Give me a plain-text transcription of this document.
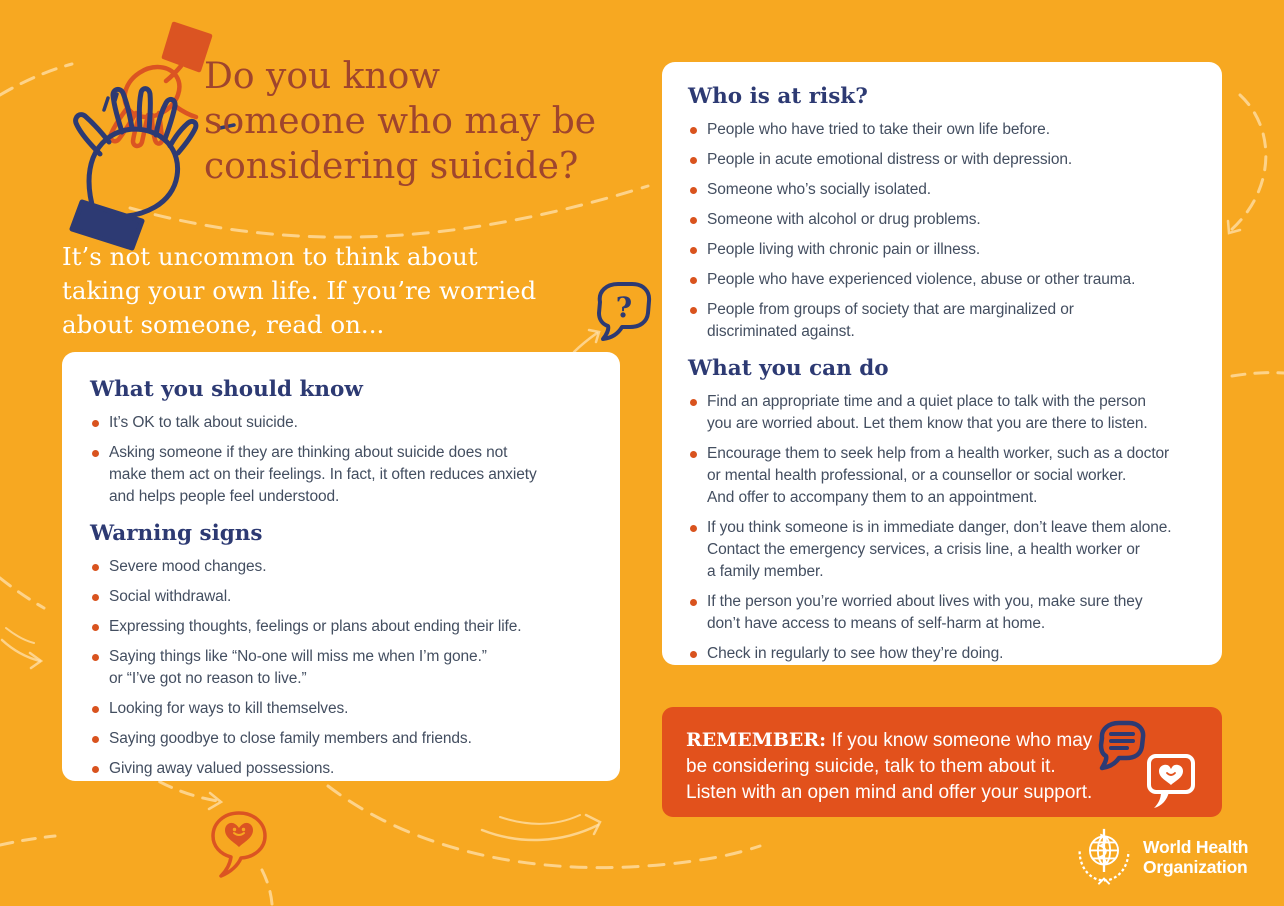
Do you know
someone who may be
considering suicide?

It’s not uncommon to think about
taking your own life. If you’re worried
about someone, read on...

?
What you should know
It’s OK to talk about suicide.
Asking someone if they are thinking about suicide does not
make them act on their feelings. In fact, it often reduces anxiety
and helps people feel understood.
Warning signs
Severe mood changes.
Social withdrawal.
Expressing thoughts, feelings or plans about ending their life.
Saying things like “No-one will miss me when I’m gone.”
or “I’ve got no reason to live.”
Looking for ways to kill themselves.
Saying goodbye to close family members and friends.
Giving away valued possessions.
Who is at risk?
People who have tried to take their own life before.
People in acute emotional distress or with depression.
Someone who’s socially isolated.
Someone with alcohol or drug problems.
People living with chronic pain or illness.
People who have experienced violence, abuse or other trauma.
People from groups of society that are marginalized or
discriminated against.
What you can do
Find an appropriate time and a quiet place to talk with the person
you are worried about. Let them know that you are there to listen.
Encourage them to seek help from a health worker, such as a doctor
or mental health professional, or a counsellor or social worker.
And offer to accompany them to an appointment.
If you think someone is in immediate danger, don’t leave them alone.
Contact the emergency services, a crisis line, a health worker or
a family member.
If the person you’re worried about lives with you, make sure they
don’t have access to means of self-harm at home.
Check in regularly to see how they’re doing.

REMEMBER: If you know someone who may
be considering suicide, talk to them about it.
Listen with an open mind and offer your support.

World Health
Organization
